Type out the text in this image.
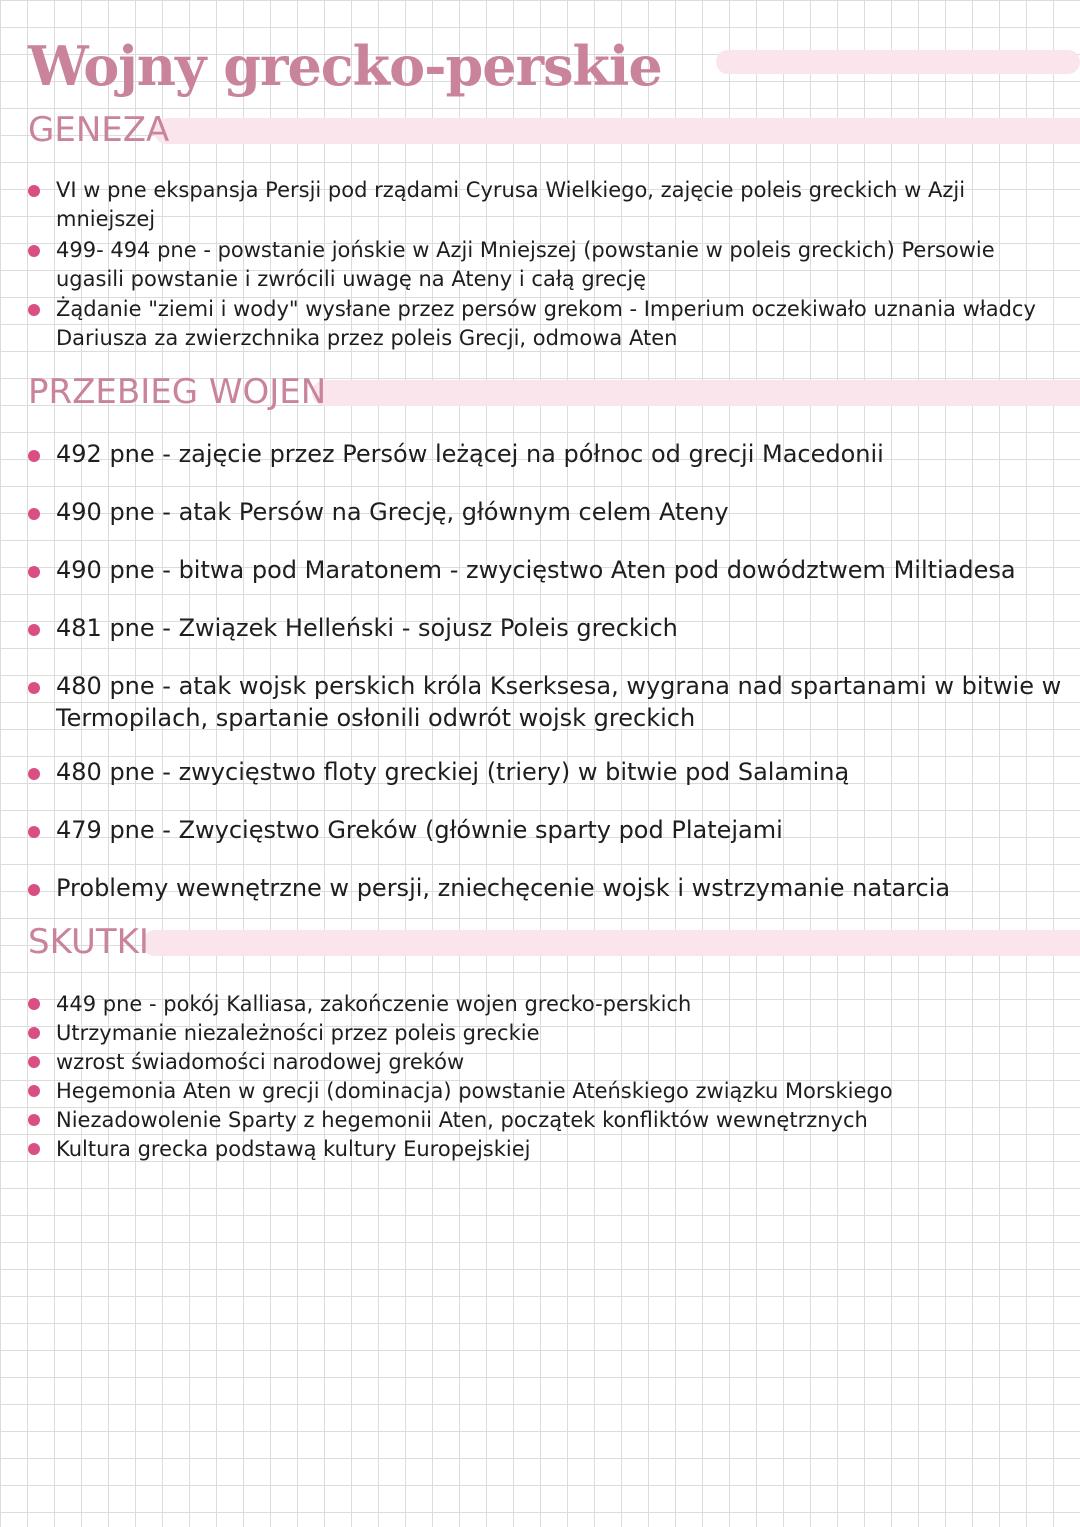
Wojny grecko-perskie
GENEZA
VI w pne ekspansja Persji pod rządami Cyrusa Wielkiego, zajęcie poleis greckich w Azji mniejszej
499- 494 pne - powstanie jońskie w Azji Mniejszej (powstanie w poleis greckich) Persowie ugasili powstanie i zwrócili uwagę na Ateny i całą grecję
Żądanie "ziemi i wody" wysłane przez persów grekom - Imperium oczekiwało uznania władcy Dariusza za zwierzchnika przez poleis Grecji, odmowa Aten
PRZEBIEG WOJEN
492 pne - zajęcie przez Persów leżącej na północ od grecji Macedonii
490 pne - atak Persów na Grecję, głównym celem Ateny
490 pne - bitwa pod Maratonem - zwycięstwo Aten pod dowództwem Miltiadesa
481 pne - Związek Helleński - sojusz Poleis greckich
480 pne - atak wojsk perskich króla Kserksesa, wygrana nad spartanami w bitwie w Termopilach, spartanie osłonili odwrót wojsk greckich
480 pne - zwycięstwo floty greckiej (triery) w bitwie pod Salaminą
479 pne - Zwycięstwo Greków (głównie sparty pod Platejami
Problemy wewnętrzne w persji, zniechęcenie wojsk i wstrzymanie natarcia
SKUTKI
449 pne - pokój Kalliasa, zakończenie wojen grecko-perskich
Utrzymanie niezależności przez poleis greckie
wzrost świadomości narodowej greków
Hegemonia Aten w grecji (dominacja) powstanie Ateńskiego związku Morskiego
Niezadowolenie Sparty z hegemonii Aten, początek konfliktów wewnętrznych
Kultura grecka podstawą kultury Europejskiej
